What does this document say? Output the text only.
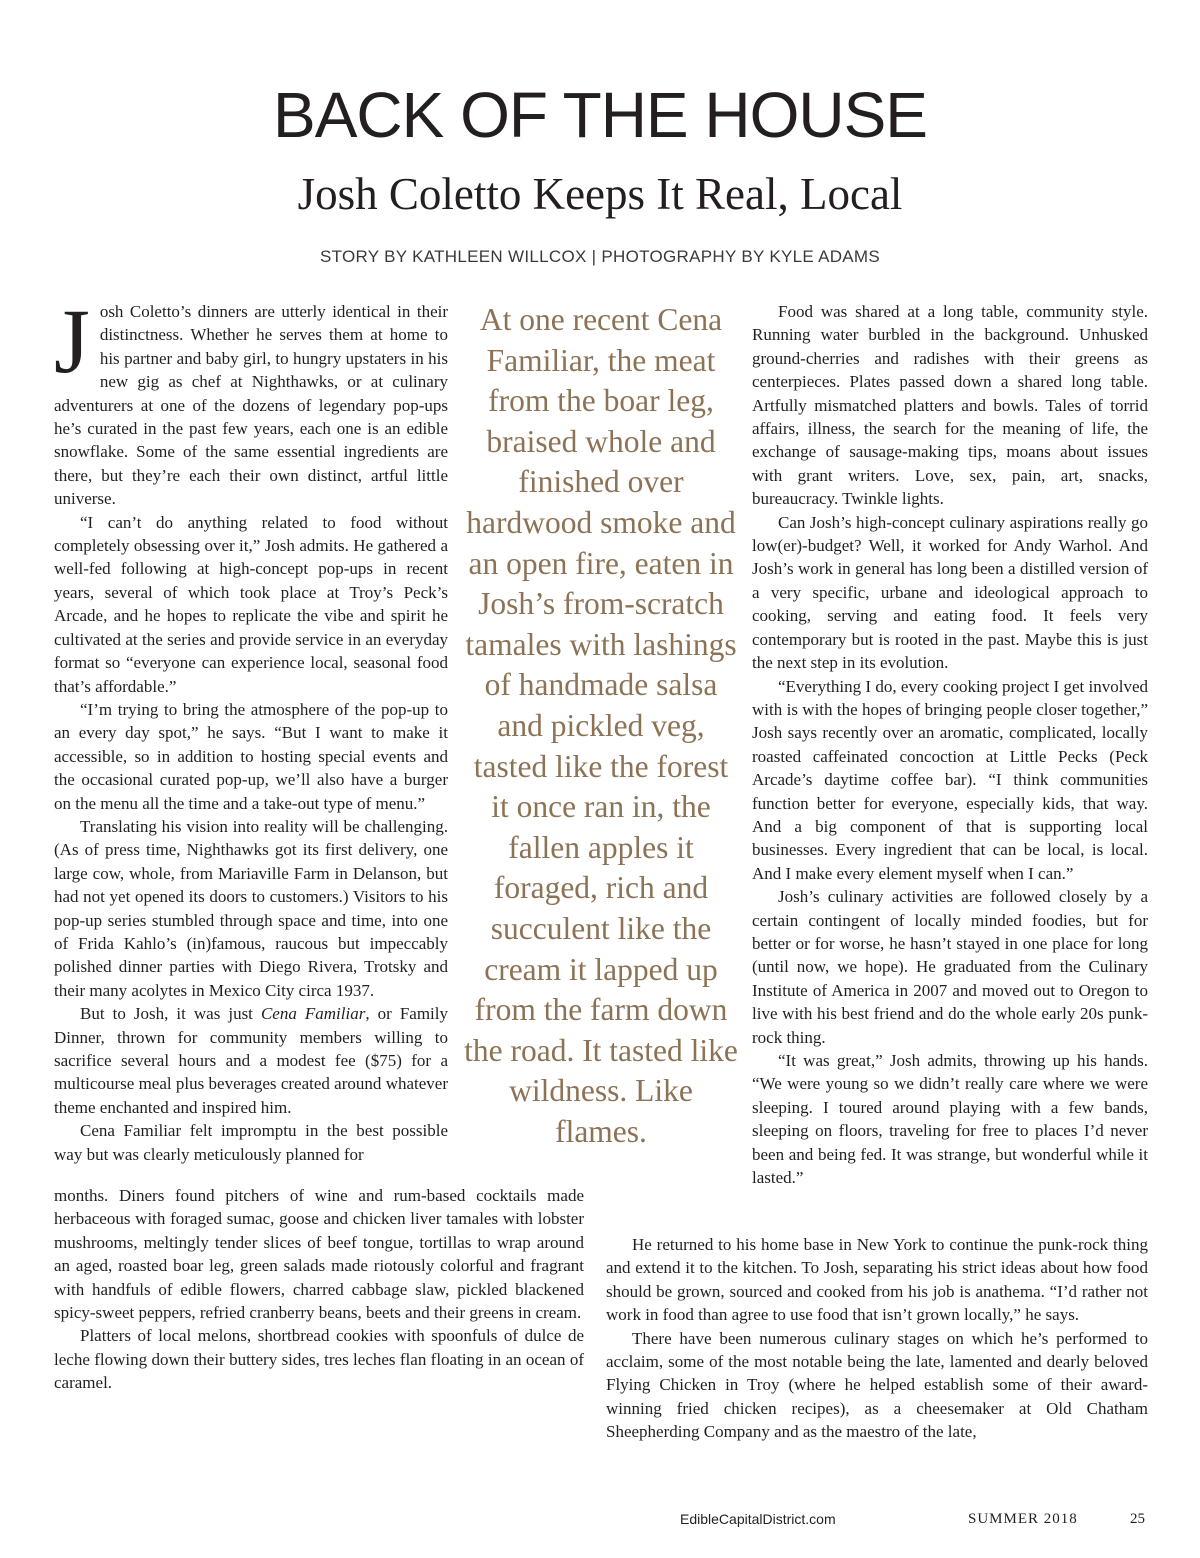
BACK OF THE HOUSE
Josh Coletto Keeps It Real, Local
STORY BY KATHLEEN WILLCOX | PHOTOGRAPHY BY KYLE ADAMS

Josh Coletto’s dinners are utterly identical in their distinctness. Whether he serves them at home to his partner and baby girl, to hungry upstaters in his new gig as chef at Nighthawks, or at culinary adventurers at one of the dozens of legendary pop-ups he’s curated in the past few years, each one is an edible snowflake. Some of the same essential ingredients are there, but they’re each their own distinct, artful little universe.

“I can’t do anything related to food without completely obsessing over it,” Josh admits. He gathered a well-fed following at high-concept pop-ups in recent years, several of which took place at Troy’s Peck’s Arcade, and he hopes to replicate the vibe and spirit he cultivated at the series and provide service in an everyday format so “everyone can experience local, seasonal food that’s affordable.”

“I’m trying to bring the atmosphere of the pop-up to an every day spot,” he says. “But I want to make it accessible, so in addition to hosting special events and the occasional curated pop-up, we’ll also have a burger on the menu all the time and a take-out type of menu.”

Translating his vision into reality will be challenging. (As of press time, Nighthawks got its first delivery, one large cow, whole, from Mariaville Farm in Delanson, but had not yet opened its doors to customers.) Visitors to his pop-up series stumbled through space and time, into one of Frida Kahlo’s (in)famous, raucous but impeccably polished dinner parties with Diego Rivera, Trotsky and their many acolytes in Mexico City circa 1937.

But to Josh, it was just Cena Familiar, or Family Dinner, thrown for community members willing to sacrifice several hours and a modest fee ($75) for a multicourse meal plus beverages created around whatever theme enchanted and inspired him.

Cena Familiar felt impromptu in the best possible way but was clearly meticulously planned for

At one recent Cena Familiar, the meat from the boar leg, braised whole and finished over hardwood smoke and an open fire, eaten in Josh’s from-scratch tamales with lashings of handmade salsa and pickled veg, tasted like the forest it once ran in, the fallen apples it foraged, rich and succulent like the cream it lapped up from the farm down the road. It tasted like wildness. Like flames.

Food was shared at a long table, community style. Running water burbled in the background. Unhusked ground-cherries and radishes with their greens as centerpieces. Plates passed down a shared long table. Artfully mismatched platters and bowls. Tales of torrid affairs, illness, the search for the meaning of life, the exchange of sausage-making tips, moans about issues with grant writers. Love, sex, pain, art, snacks, bureaucracy. Twinkle lights.

Can Josh’s high-concept culinary aspirations really go low(er)-budget? Well, it worked for Andy Warhol. And Josh’s work in general has long been a distilled version of a very specific, urbane and ideological approach to cooking, serving and eating food. It feels very contemporary but is rooted in the past. Maybe this is just the next step in its evolution.

“Everything I do, every cooking project I get involved with is with the hopes of bringing people closer together,” Josh says recently over an aromatic, complicated, locally roasted caffeinated concoction at Little Pecks (Peck Arcade’s daytime coffee bar). “I think communities function better for everyone, especially kids, that way. And a big component of that is supporting local businesses. Every ingredient that can be local, is local. And I make every element myself when I can.”

Josh’s culinary activities are followed closely by a certain contingent of locally minded foodies, but for better or for worse, he hasn’t stayed in one place for long (until now, we hope). He graduated from the Culinary Institute of America in 2007 and moved out to Oregon to live with his best friend and do the whole early 20s punk-rock thing.

“It was great,” Josh admits, throwing up his hands. “We were young so we didn’t really care where we were sleeping. I toured around playing with a few bands, sleeping on floors, traveling for free to places I’d never been and being fed. It was strange, but wonderful while it lasted.”

months. Diners found pitchers of wine and rum-based cocktails made herbaceous with foraged sumac, goose and chicken liver tamales with lobster mushrooms, meltingly tender slices of beef tongue, tortillas to wrap around an aged, roasted boar leg, green salads made riotously colorful and fragrant with handfuls of edible flowers, charred cabbage slaw, pickled blackened spicy-sweet peppers, refried cranberry beans, beets and their greens in cream.

Platters of local melons, shortbread cookies with spoonfuls of dulce de leche flowing down their buttery sides, tres leches flan floating in an ocean of caramel.

He returned to his home base in New York to continue the punk-rock thing and extend it to the kitchen. To Josh, separating his strict ideas about how food should be grown, sourced and cooked from his job is anathema. “I’d rather not work in food than agree to use food that isn’t grown locally,” he says.

There have been numerous culinary stages on which he’s performed to acclaim, some of the most notable being the late, lamented and dearly beloved Flying Chicken in Troy (where he helped establish some of their award-winning fried chicken recipes), as a cheesemaker at Old Chatham Sheepherding Company and as the maestro of the late,

EdibleCapitalDistrict.com	SUMMER 2018	25
